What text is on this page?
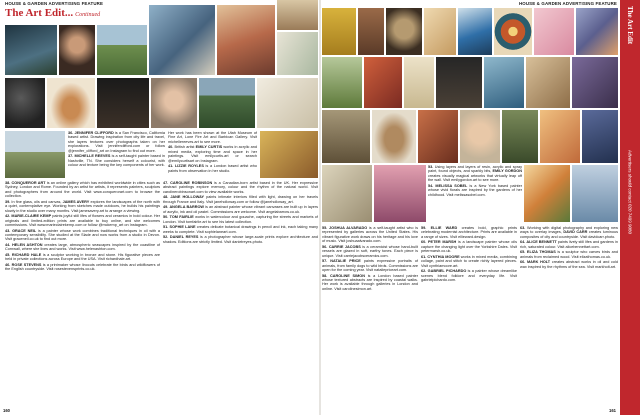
HOUSE & GARDEN ADVERTISING FEATURE
The Art Edit... Continued

36. JENNIFER CLIFFORD is a San Francisco, California based artist. Drawing inspiration from city life and travel, she layers textures over photographs taken on her explorations. Visit jenniferclifford.com or follow @jennifer_clifford_art on Instagram to find out more.

37. MICHELLE REEVES is a self-taught painter based in Nashville, TN. She considers herself a colourist, with colour and texture being the key components of her work.

Her work has been shown at the Utah Museum of Fine Art, Lone Fire Art and Barbican Gallery. Visit michellereeves.art to see more.

40. British artist EMILY CURTIS works in acrylic and mixed media, exploring time and space in her paintings. Visit emilycurtis.art or search @emilycurtisart on Instagram.

41. LIZZIE ROYLES is a London based artist who paints from observation in her studio.

38. CONQUEROR ART is an online gallery which has exhibited worldwide in cities such as Sydney, London and Rome. Founded by an artist for artists, it represents painters, sculptors and photographers from around the world. Visit www.conquerorart.com to browse the collection.

39. In fine glass, oils and canvas, JAMES AVERY explores the landscapes of the north with a quiet, contemplative eye. Working from sketches made outdoors, he builds his paintings slowly in the studio over many months. Visit jamesavery.art to arrange a viewing.

42. MARIE-CLAIRE KEMP paints joyful still lifes of flowers and ceramics in bold colour. Her originals and limited-edition prints are available to buy online, and she welcomes commissions. Visit www.marieclairekemp.com or follow @mckemp_art on Instagram.

43. GRACE NEIL is a painter whose work combines traditional techniques in oil with a contemporary sensibility. She studied at the Slade and now works from a studio in Devon. Visit graceneil.co.uk to find out more.

44. HELEN ASHTON creates large, atmospheric seascapes inspired by the coastline of Cornwall, where she lives and works. Visit www.helenashton.com.

45. RICHARD HALE is a sculptor working in bronze and stone. His figurative pieces are held in private collections across Europe and the USA. Visit richardhale.art.

46. ROSE STEVENS is a printmaker whose linocuts celebrate the birds and wildflowers of the English countryside. Visit rosestevensprints.co.uk.

47. CAROLINE ROBINSON is a Canadian-born artist based in the UK. Her expressive abstract paintings explore memory, colour and the rhythm of the natural world. Visit carolinerobinsonart.com to view available works.

48. JANE HOLLOWAY paints intimate interiors filled with light, drawing on her travels through France and Italy. Visit janeholloway.com or follow @janeholloway_art.

49. ANGELA BARROW is an abstract painter whose vibrant canvases are built up in layers of acrylic, ink and oil pastel. Commissions are welcome. Visit angelabarrow.co.uk.

50. TOM FAIRLIE works in watercolour and gouache, capturing the streets and markets of London. Visit tomfairlie.art to see his latest collection.

51. SOPHIE LANE creates delicate botanical drawings in pencil and ink, each taking many weeks to complete. Visit sophielaneart.com.

52. DANIEL REYES is a photographer whose large-scale prints explore architecture and shadow. Editions are strictly limited. Visit danielreyes.photo.

160
HOUSE & GARDEN ADVERTISING FEATURE

53. Using layers and layers of resin, acrylic and spray paint, found objects, and sparkly bits, EMILY GORDON creates visually magical artworks that virtually leap off the wall. Visit emilygordon.art to see more.

54. MELISSA SOBEL is a New York based painter whose vivid florals are inspired by the gardens of her childhood. Visit melissasobel.com.

55. JOSHUA ALVARADO is a self-taught artist who is represented by galleries across the United States. His vibrant figurative work draws on his heritage and his love of music. Visit joshuaalvarado.com.

56. CARRIE JACOBS is a ceramicist whose hand-built vessels are glazed in soft, earthy tones. Each piece is unique. Visit carriejacobsceramics.com.

57. NATALIE PRICE paints expressive portraits of animals, from family dogs to wild birds. Commissions are open for the coming year. Visit nataliepriceart.com.

58. CAROLINE SIMON is a London based painter whose textured abstracts are inspired by coastal walks. Her work is available through galleries in London and online. Visit carolinesimon.art.

59. ELLIE WARD creates bold, graphic prints celebrating modernist architecture. Prints are available in a range of sizes. Visit ellieward.design.

60. PETER MARSH is a landscape painter whose oils capture the changing light over the Yorkshire Dales. Visit petermarsh.co.uk.

61. CYNTHIA MOORE works in mixed media, combining collage, paint and stitch to create richly layered pieces. Visit cynthiamoore.art.

62. GABRIEL PICHARDO is a painter whose dreamlike scenes blend folklore and everyday life. Visit gabrielpichardo.com.

63. Working with digital photography and exploring new ways to overlay images, DAVID CARR creates luminous composites of city and countryside. Visit davidcarr.photo.

64. ALICE BENNETT paints lively still lifes and gardens in rich, saturated colour. Visit alicebennettart.com.

65. ELIZA THOMAS is a sculptor who carves birds and animals from reclaimed wood. Visit elizathomas.co.uk.

66. MARK HOLT creates abstract works in oil and cold wax inspired by the rhythms of the sea. Visit markholt.art.

161
The Art Edit
Advertisers should contact 020 7499 9080
